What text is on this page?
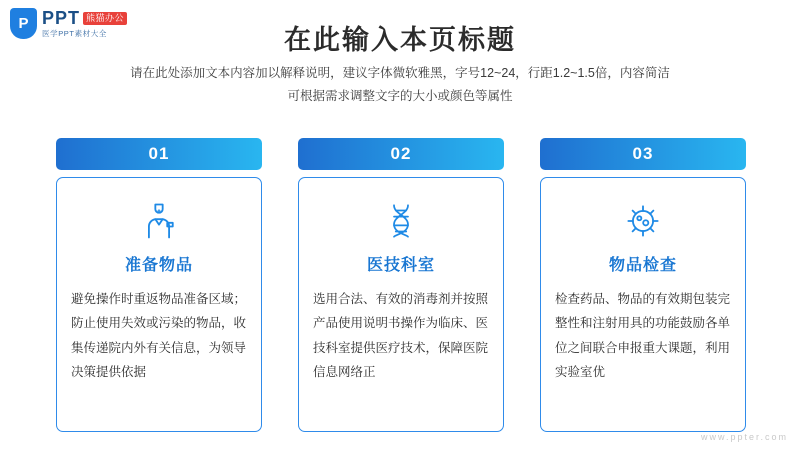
P PPT 熊猫办公
医学PPT素材大全	在此输入本页标题
请在此处添加文本内容加以解释说明，建议字体微软雅黑，字号12~24，行距1.2~1.5倍，内容简洁
可根据需求调整文字的大小或颜色等属性
01
准备物品
避免操作时重返物品准备区域；防止使用失效或污染的物品，收集传递院内外有关信息，为领导决策提供依据
02
医技科室
选用合法、有效的消毒剂并按照产品使用说明书操作为临床、医技科室提供医疗技术，保障医院信息网络正
03
物品检查
检查药品、物品的有效期包装完整性和注射用具的功能鼓励各单位之间联合申报重大课题，利用实验室优
www.ppter.com
